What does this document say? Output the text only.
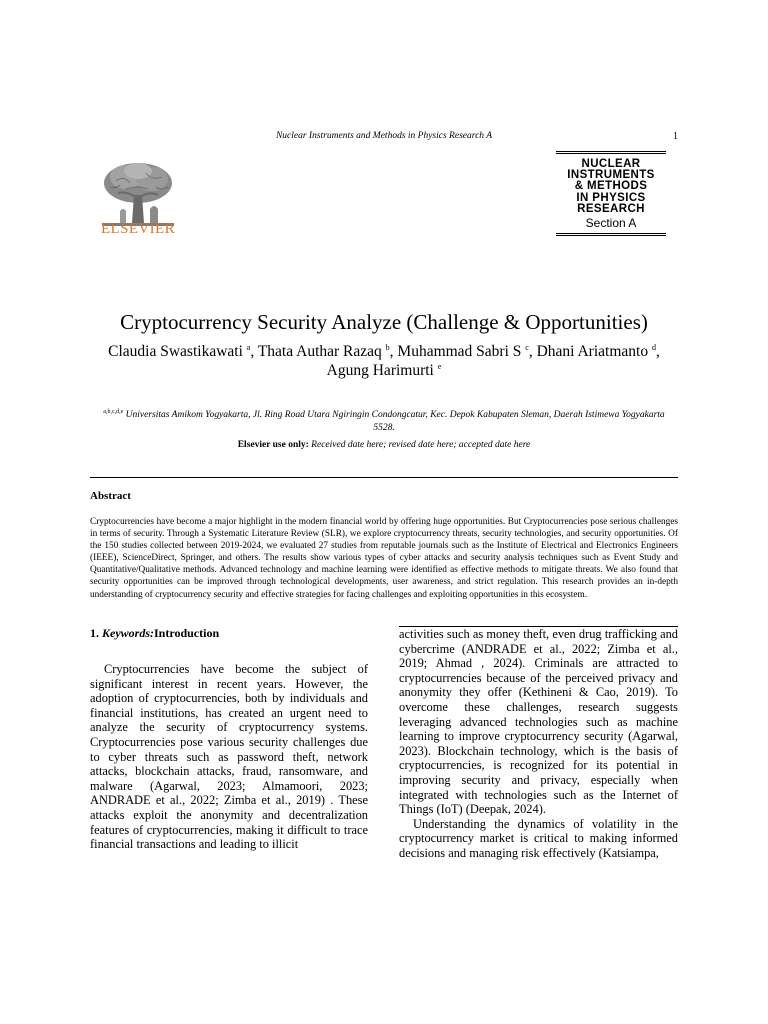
Nuclear Instruments and Methods in Physics Research A	1
ELSEVIER
NUCLEAR
INSTRUMENTS
& METHODS
IN PHYSICS
RESEARCH
Section A
Cryptocurrency Security Analyze (Challenge & Opportunities)
Claudia Swastikawati $^a$, Thata Authar Razaq $^b$, Muhammad Sabri S $^c$, Dhani Ariatmanto $^d$, Agung Harimurti $^e$
$^{a,b,c,d,e}$ Universitas Amikom Yogyakarta, Jl. Ring Road Utara Ngiringin Condongcatur, Kec. Depok Kabupaten Sleman, Daerah Istimewa Yogyakarta 5528.
Elsevier use only: Received date here; revised date here; accepted date here
Abstract
Cryptocurrencies have become a major highlight in the modern financial world by offering huge opportunities. But Cryptocurrencies pose serious challenges in terms of security. Through a Systematic Literature Review (SLR), we explore cryptocurrency threats, security technologies, and security opportunities. Of the 150 studies collected between 2019-2024, we evaluated 27 studies from reputable journals such as the Institute of Electrical and Electronics Engineers (IEEE), ScienceDirect, Springer, and others. The results show various types of cyber attacks and security analysis techniques such as Event Study and Quantitative/Qualitative methods. Advanced technology and machine learning were identified as effective methods to mitigate threats. We also found that security opportunities can be improved through technological developments, user awareness, and strict regulation. This research provides an in-depth understanding of cryptocurrency security and effective strategies for facing challenges and exploiting opportunities in this ecosystem.
1. Keywords:Introduction

Cryptocurrencies have become the subject of significant interest in recent years. However, the adoption of cryptocurrencies, both by individuals and financial institutions, has created an urgent need to analyze the security of cryptocurrency systems. Cryptocurrencies pose various security challenges due to cyber threats such as password theft, network attacks, blockchain attacks, fraud, ransomware, and malware (Agarwal, 2023; Almamoori, 2023; ANDRADE et al., 2022; Zimba et al., 2019) . These attacks exploit the anonymity and decentralization features of cryptocurrencies, making it difficult to trace financial transactions and leading to illicit

activities such as money theft, even drug trafficking and cybercrime (ANDRADE et al., 2022; Zimba et al., 2019; Ahmad , 2024). Criminals are attracted to cryptocurrencies because of the perceived privacy and anonymity they offer (Kethineni & Cao, 2019). To overcome these challenges, research suggests leveraging advanced technologies such as machine learning to improve cryptocurrency security (Agarwal, 2023). Blockchain technology, which is the basis of cryptocurrencies, is recognized for its potential in improving security and privacy, especially when integrated with technologies such as the Internet of Things (IoT) (Deepak, 2024).

Understanding the dynamics of volatility in the cryptocurrency market is critical to making informed decisions and managing risk effectively (Katsiampa,
